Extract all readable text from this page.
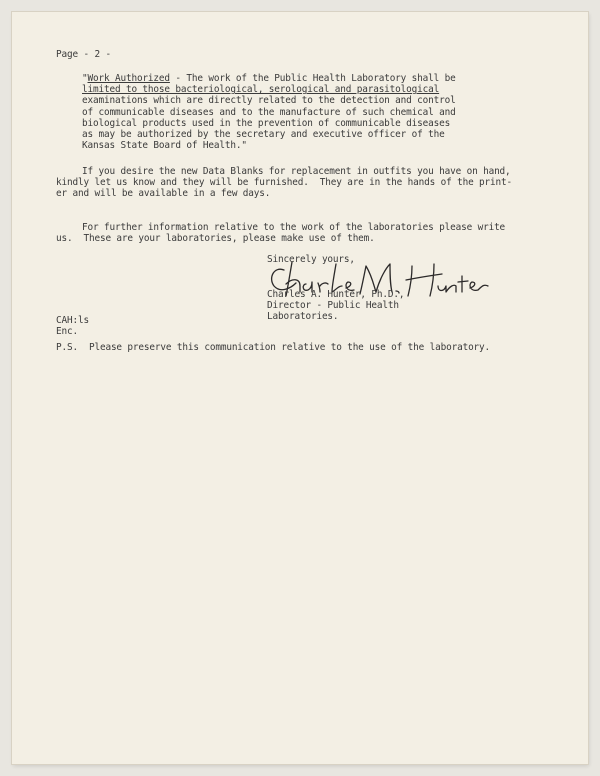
Page - 2 -
"Work Authorized - The work of the Public Health Laboratory shall be
limited to those bacteriological, serological and parasitological
examinations which are directly related to the detection and control
of communicable diseases and to the manufacture of such chemical and
biological products used in the prevention of communicable diseases
as may be authorized by the secretary and executive officer of the
Kansas State Board of Health."
If you desire the new Data Blanks for replacement in outfits you have on hand,
kindly let us know and they will be furnished.  They are in the hands of the print-
er and will be available in a few days.
For further information relative to the work of the laboratories please write
us.  These are your laboratories, please make use of them.
Sincerely yours,
Charles A. Hunter, Ph.D.,
Director - Public Health
Laboratories.
CAH:ls
Enc.
P.S.  Please preserve this communication relative to the use of the laboratory.
